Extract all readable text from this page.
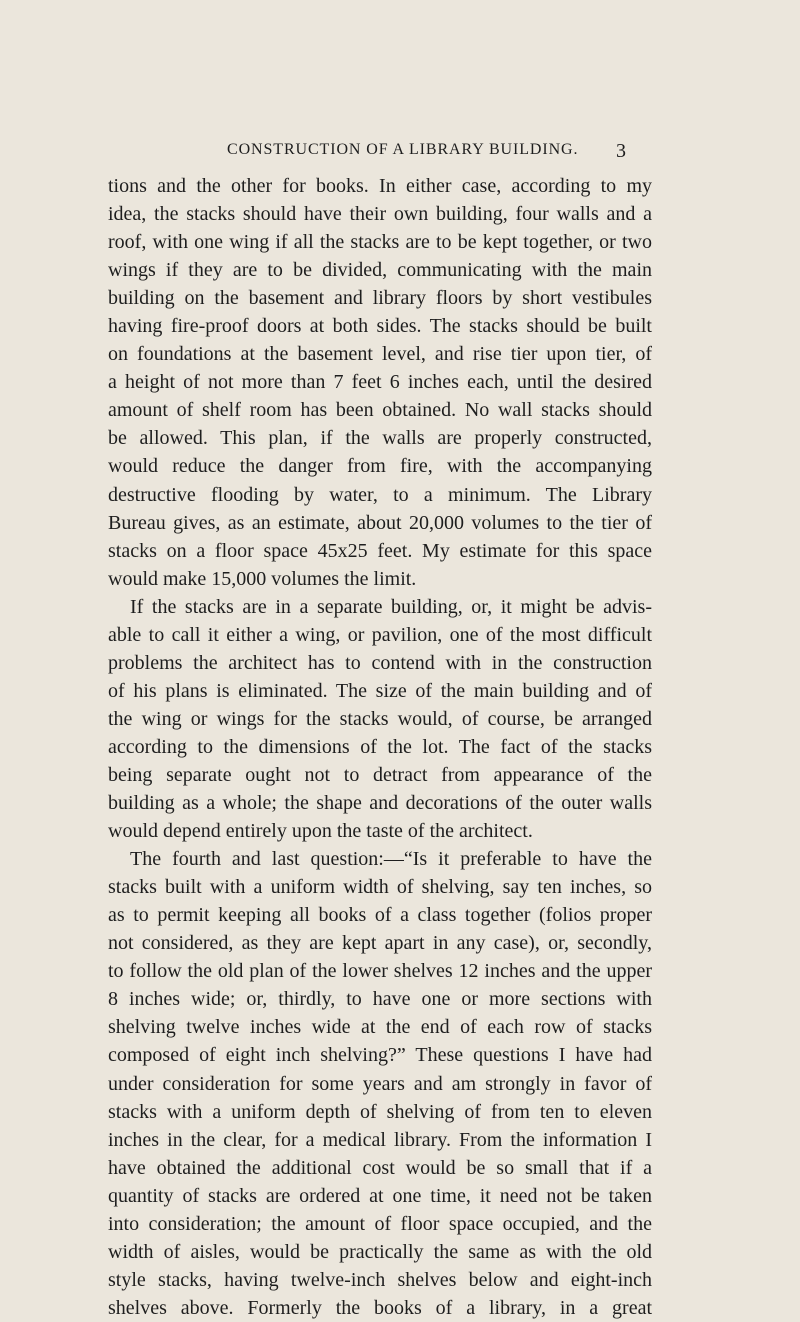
CONSTRUCTION OF A LIBRARY BUILDING.	3
tions and the other for books. In either case, according to my
idea, the stacks should have their own building, four walls and a
roof, with one wing if all the stacks are to be kept together, or two
wings if they are to be divided, communicating with the main
building on the basement and library floors by short vestibules
having fire-proof doors at both sides. The stacks should be built
on foundations at the basement level, and rise tier upon tier, of
a height of not more than 7 feet 6 inches each, until the desired
amount of shelf room has been obtained. No wall stacks should
be allowed. This plan, if the walls are properly constructed,
would reduce the danger from fire, with the accompanying
destructive flooding by water, to a minimum. The Library
Bureau gives, as an estimate, about 20,000 volumes to the tier of
stacks on a floor space 45x25 feet. My estimate for this space
would make 15,000 volumes the limit.
If the stacks are in a separate building, or, it might be advis-
able to call it either a wing, or pavilion, one of the most difficult
problems the architect has to contend with in the construction
of his plans is eliminated. The size of the main building and of
the wing or wings for the stacks would, of course, be arranged
according to the dimensions of the lot. The fact of the stacks
being separate ought not to detract from appearance of the
building as a whole; the shape and decorations of the outer walls
would depend entirely upon the taste of the architect.
The fourth and last question:—“Is it preferable to have the
stacks built with a uniform width of shelving, say ten inches, so
as to permit keeping all books of a class together (folios proper
not considered, as they are kept apart in any case), or, secondly,
to follow the old plan of the lower shelves 12 inches and the upper
8 inches wide; or, thirdly, to have one or more sections with
shelving twelve inches wide at the end of each row of stacks
composed of eight inch shelving?” These questions I have had
under consideration for some years and am strongly in favor of
stacks with a uniform depth of shelving of from ten to eleven
inches in the clear, for a medical library. From the information I
have obtained the additional cost would be so small that if a
quantity of stacks are ordered at one time, it need not be taken
into consideration; the amount of floor space occupied, and the
width of aisles, would be practically the same as with the old
style stacks, having twelve-inch shelves below and eight-inch
shelves above. Formerly the books of a library, in a great
